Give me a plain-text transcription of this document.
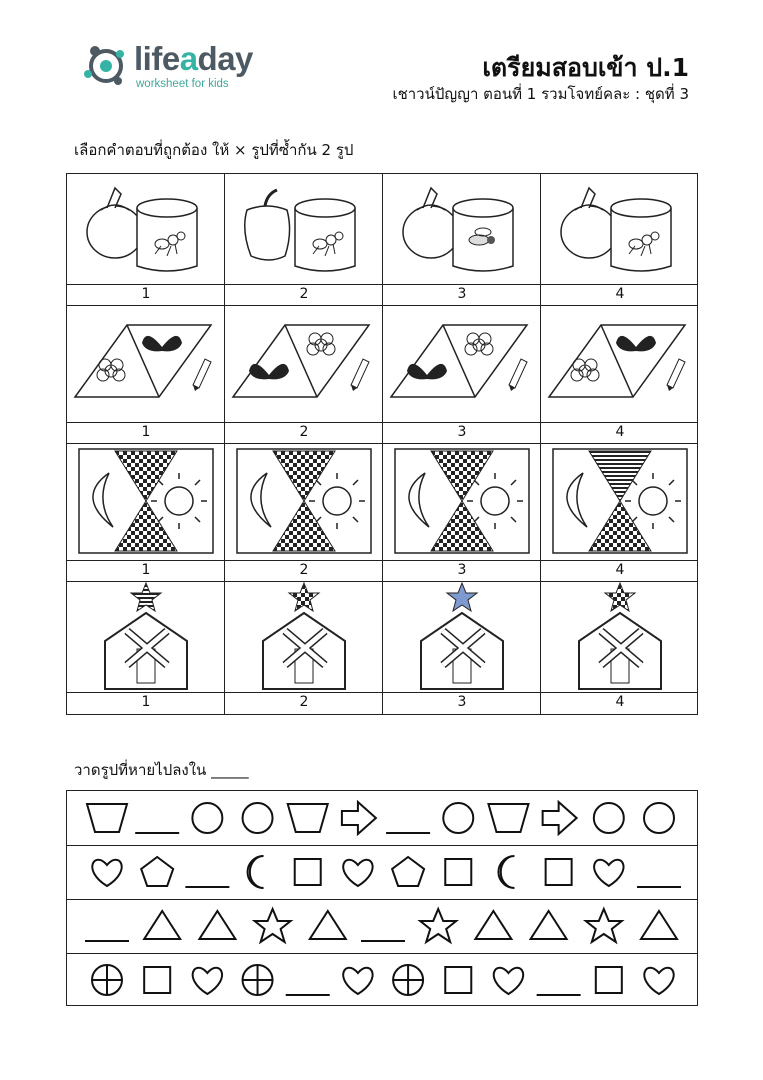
lifeaday
worksheet for kids
เตรียมสอบเข้า ป.1
เชาวน์ปัญญา ตอนที่ 1 รวมโจทย์คละ : ชุดที่ 3
เลือกคำตอบที่ถูกต้อง ให้ × รูปที่ซ้ำกัน 2 รูป
1	2	3	4
1	2	3	4
1	2	3	4
1	2	3	4
วาดรูปที่หายไปลงใน _____
